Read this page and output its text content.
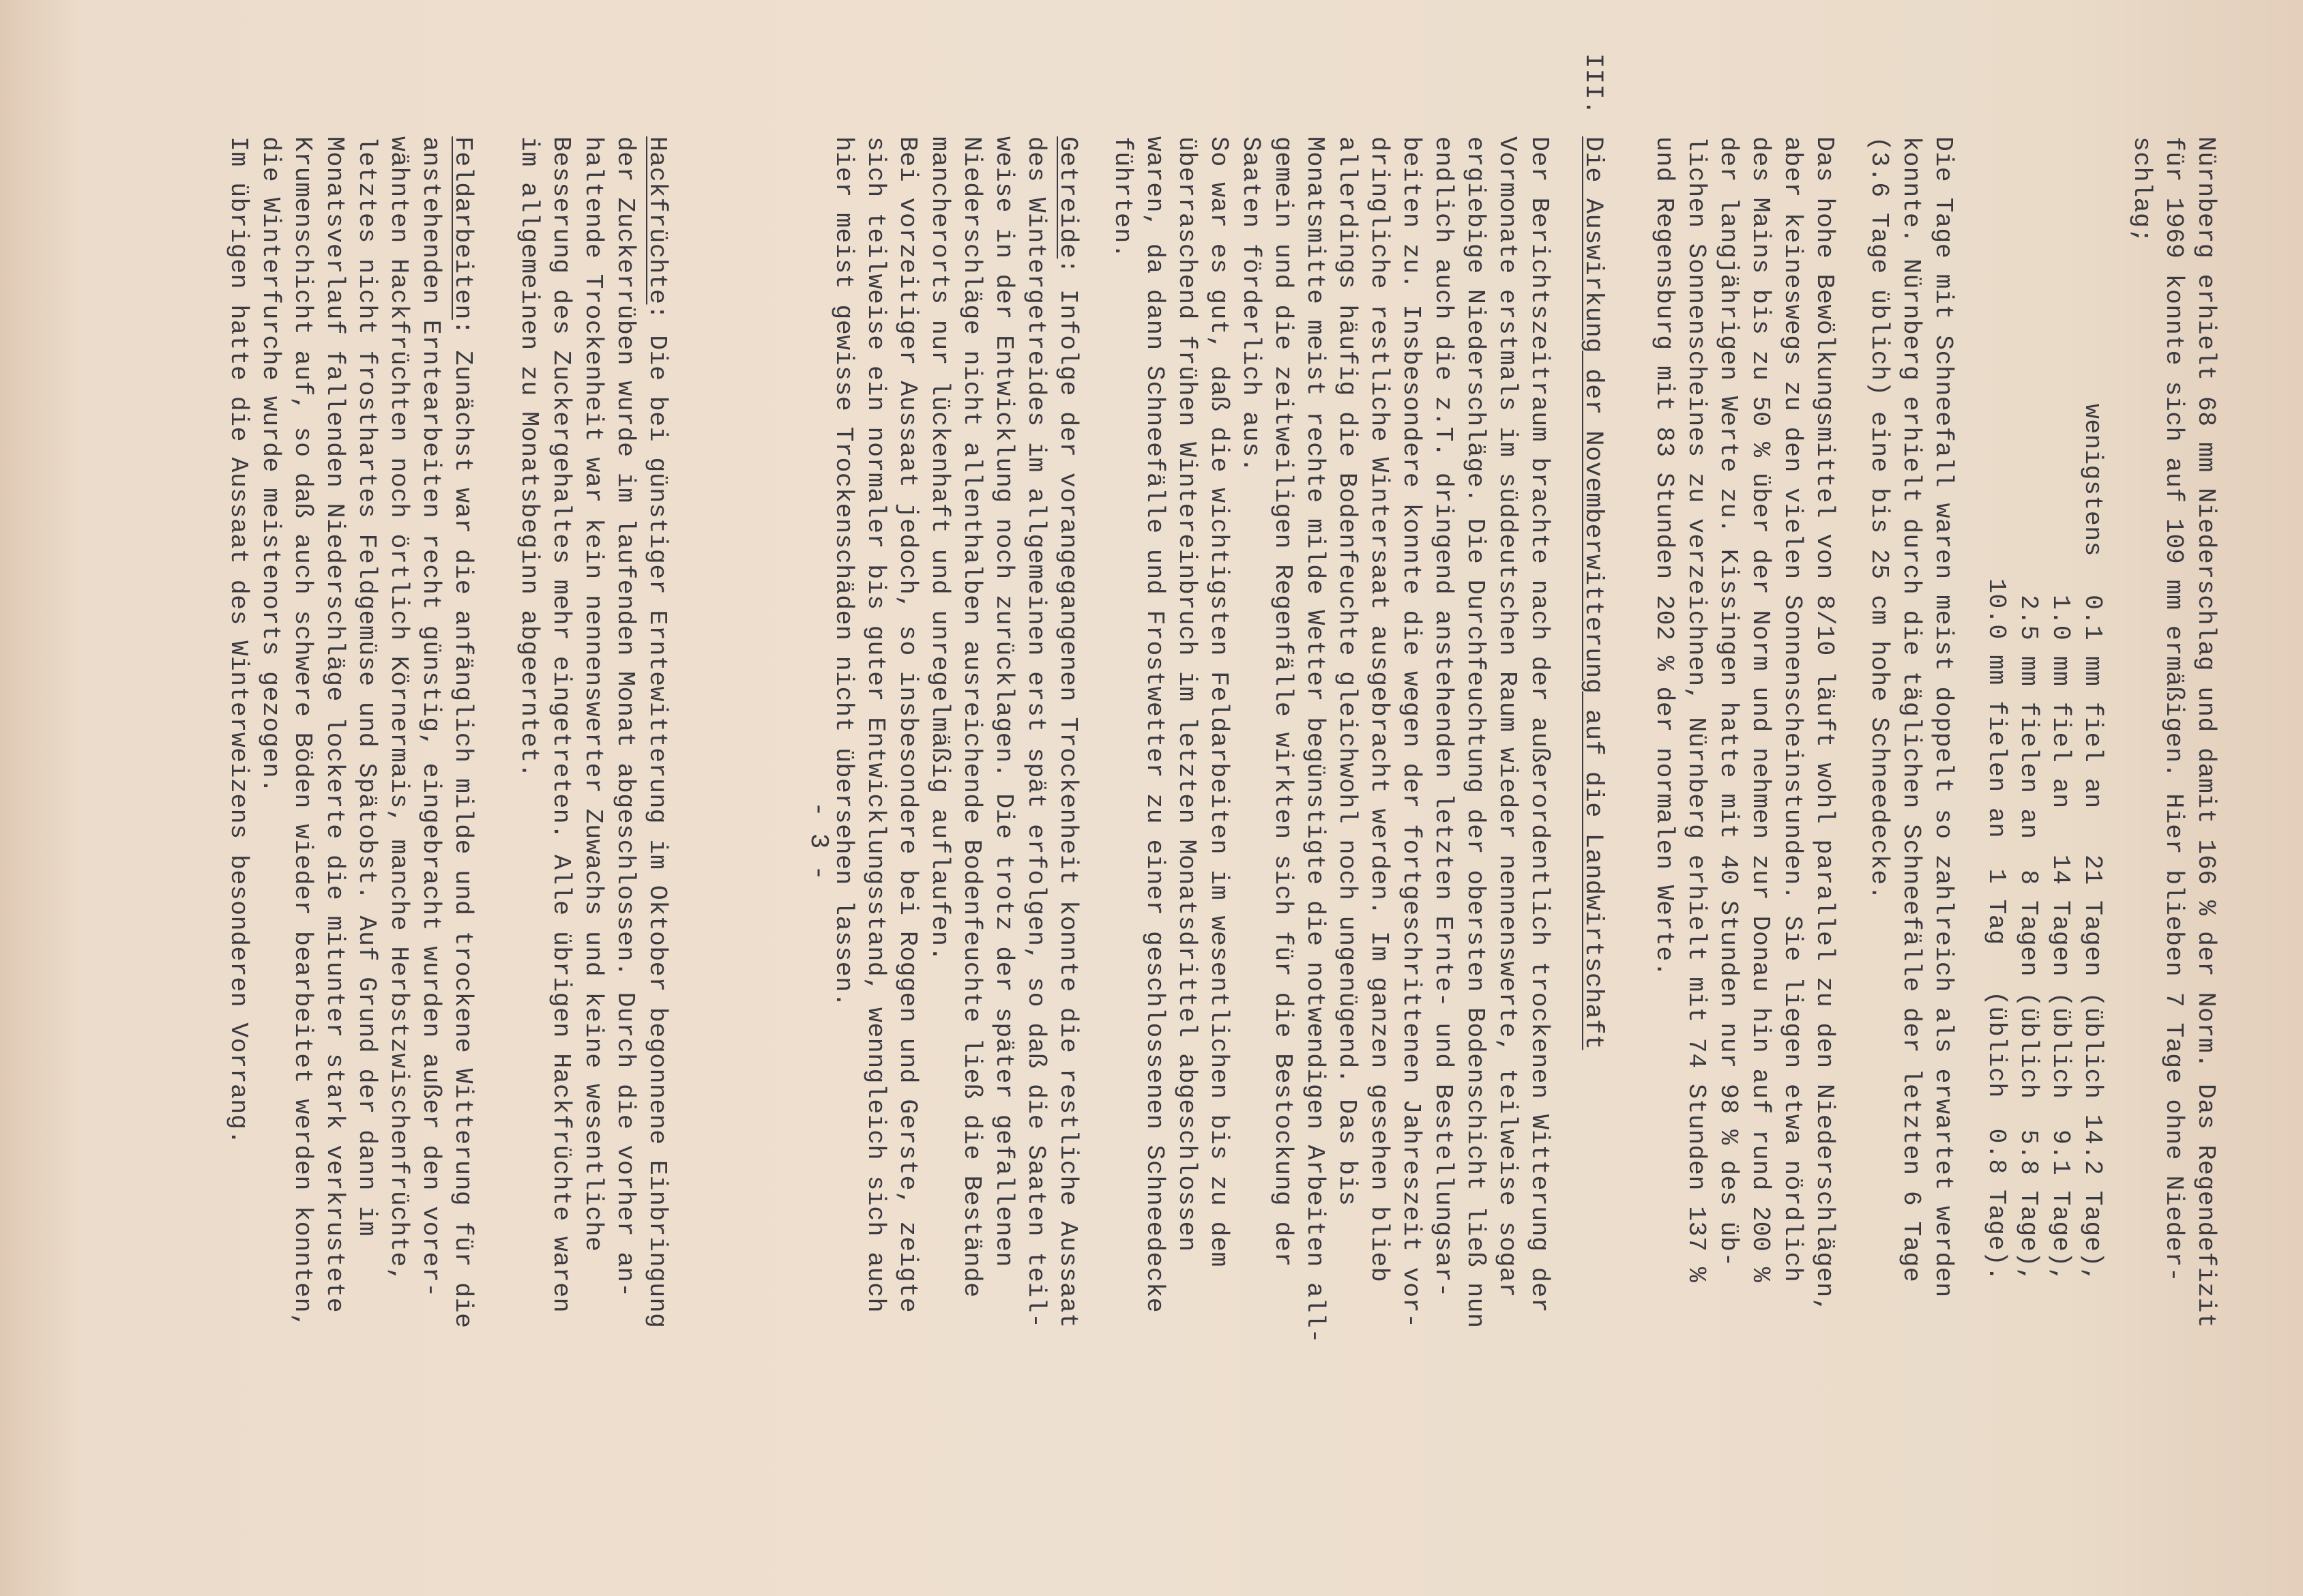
- 3 -	Nürnberg erhielt 68 mm Niederschlag und damit 166 % der Norm. Das Regendefizit
für 1969 konnte sich auf 109 mm ermäßigen. Hier blieben 7 Tage ohne Nieder-
schlag;
wenigstens
0.1 mm fiel an   21 Tagen (üblich 14.2 Tage),
1.0 mm fiel an   14 Tagen (üblich  9.1 Tage),
2.5 mm fielen an  8 Tagen (üblich  5.8 Tage),
10.0 mm fielen an  1 Tag   (üblich  0.8 Tage).
Die Tage mit Schneefall waren meist doppelt so zahlreich als erwartet werden
konnte. Nürnberg erhielt durch die täglichen Schneefälle der letzten 6 Tage
(3.6 Tage üblich) eine bis 25 cm hohe Schneedecke.
Das hohe Bewölkungsmittel von 8/10 läuft wohl parallel zu den Niederschlägen,
aber keineswegs zu den vielen Sonnenscheinstunden. Sie liegen etwa nördlich
des Mains bis zu 50 % über der Norm und nehmen zur Donau hin auf rund 200 %
der langjährigen Werte zu. Kissingen hatte mit 40 Stunden nur 98 % des üb-
lichen Sonnenscheines zu verzeichnen, Nürnberg erhielt mit 74 Stunden 137 %
und Regensburg mit 83 Stunden 202 % der normalen Werte.
III.
Die Auswirkung der Novemberwitterung auf die Landwirtschaft
Der Berichtszeitraum brachte nach der außerordentlich trockenen Witterung der
Vormonate erstmals im süddeutschen Raum wieder nennenswerte, teilweise sogar
ergiebige Niederschläge. Die Durchfeuchtung der obersten Bodenschicht ließ nun
endlich auch die z.T. dringend anstehenden letzten Ernte- und Bestellungsar-
beiten zu. Insbesondere konnte die wegen der fortgeschrittenen Jahreszeit vor-
dringliche restliche Wintersaat ausgebracht werden. Im ganzen gesehen blieb
allerdings häufig die Bodenfeuchte gleichwohl noch ungenügend. Das bis
Monatsmitte meist rechte milde Wetter begünstigte die notwendigen Arbeiten all-
gemein und die zeitweiligen Regenfälle wirkten sich für die Bestockung der
Saaten förderlich aus.
So war es gut, daß die wichtigsten Feldarbeiten im wesentlichen bis zu dem
überraschend frühen Wintereinbruch im letzten Monatsdrittel abgeschlossen
waren, da dann Schneefälle und Frostwetter zu einer geschlossenen Schneedecke
führten.
Getreide: Infolge der vorangegangenen Trockenheit konnte die restliche Aussaat
des Wintergetreides im allgemeinen erst spät erfolgen, so daß die Saaten teil-
weise in der Entwicklung noch zurücklagen. Die trotz der später gefallenen
Niederschläge nicht allenthalben ausreichende Bodenfeuchte ließ die Bestände
mancherorts nur lückenhaft und unregelmäßig auflaufen.
Bei vorzeitiger Aussaat jedoch, so insbesondere bei Roggen und Gerste, zeigte
sich teilweise ein normaler bis guter Entwicklungsstand, wenngleich sich auch
hier meist gewisse Trockenschäden nicht übersehen lassen.
Hackfrüchte: Die bei günstiger Erntewitterung im Oktober begonnene Einbringung
der Zuckerrüben wurde im laufenden Monat abgeschlossen. Durch die vorher an-
haltende Trockenheit war kein nennenswerter Zuwachs und keine wesentliche
Besserung des Zuckergehaltes mehr eingetreten. Alle übrigen Hackfrüchte waren
im allgemeinen zu Monatsbeginn abgeerntet.
Feldarbeiten: Zunächst war die anfänglich milde und trockene Witterung für die
anstehenden Erntearbeiten recht günstig, eingebracht wurden außer den vorer-
wähnten Hackfrüchten noch örtlich Körnermais, manche Herbstzwischenfrüchte,
letztes nicht frosthartes Feldgemüse und Spätobst. Auf Grund der dann im
Monatsverlauf fallenden Niederschläge lockerte die mitunter stark verkrustete
Krumenschicht auf, so daß auch schwere Böden wieder bearbeitet werden konnten,
die Winterfurche wurde meistenorts gezogen.
Im übrigen hatte die Aussaat des Winterweizens besonderen Vorrang.
